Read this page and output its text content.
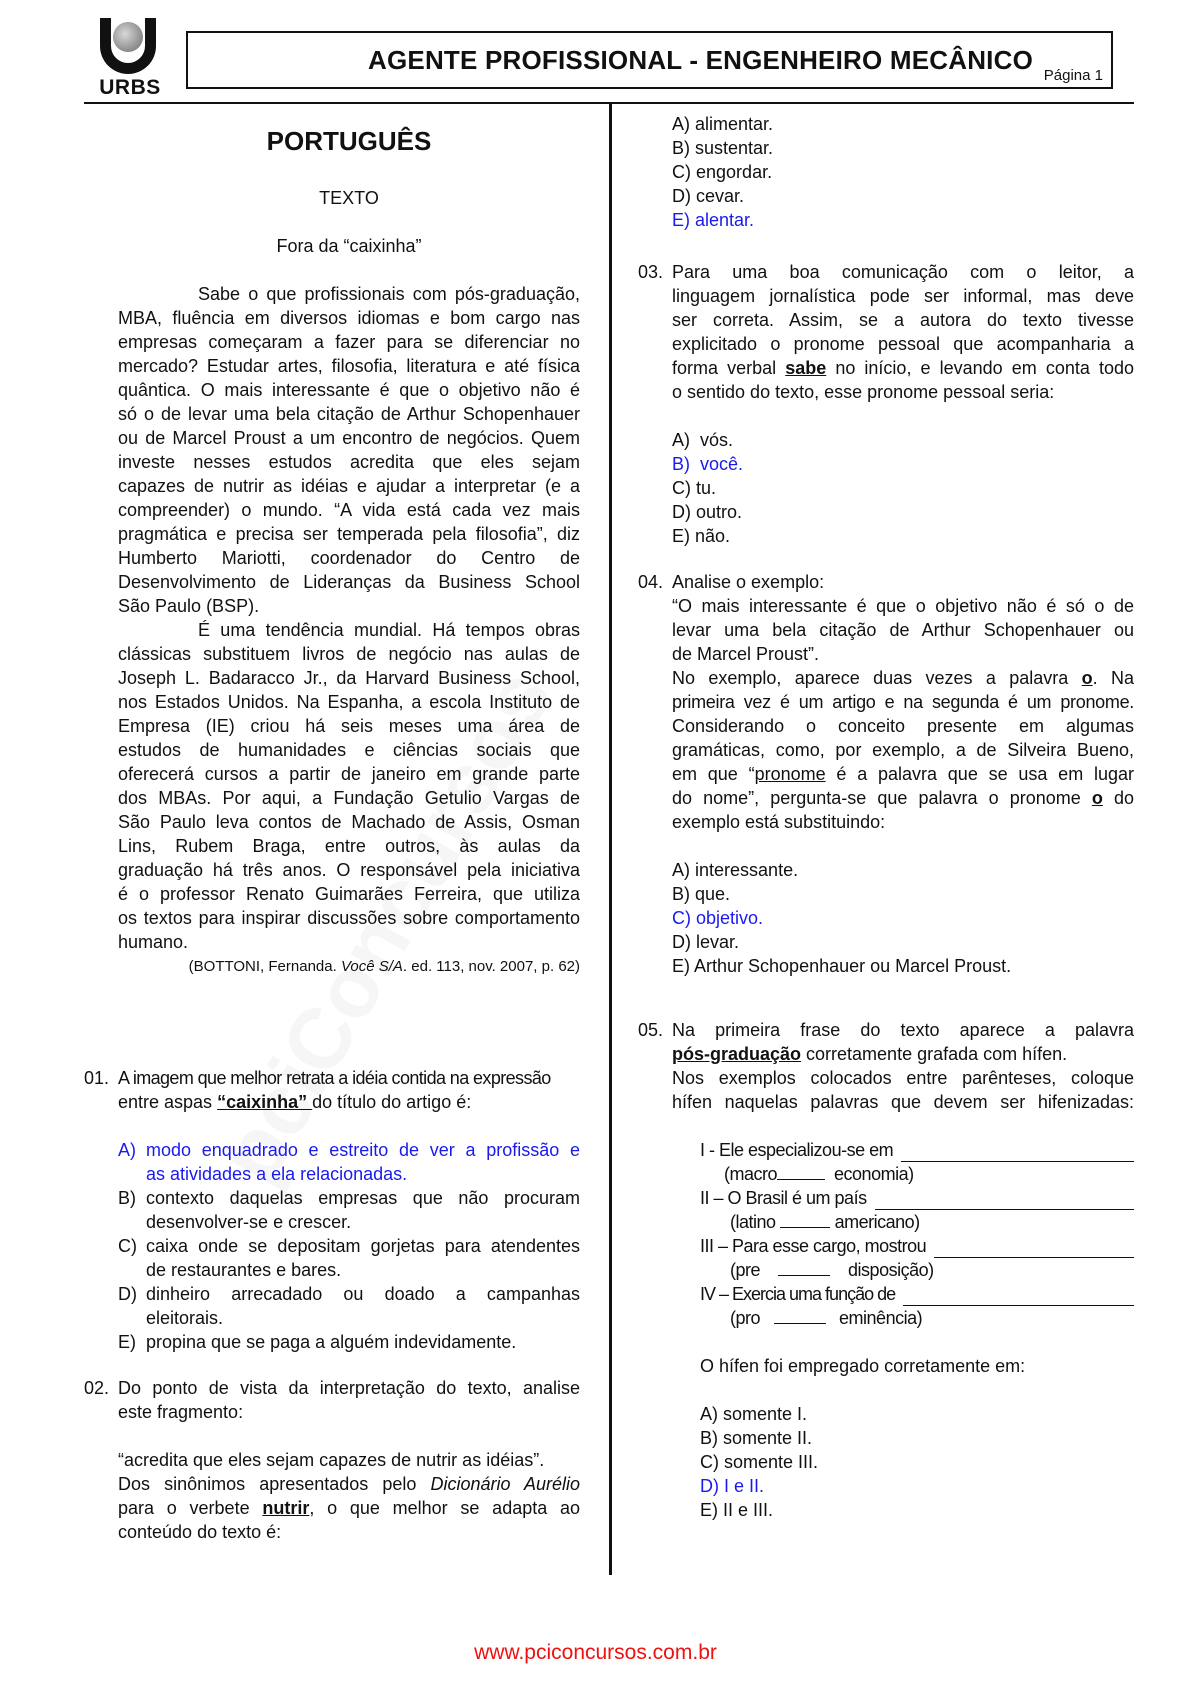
URBS
AGENTE PROFISSIONAL - ENGENHEIRO MECÂNICO
Página 1
PORTUGUÊS
TEXTO
Fora da “caixinha”
Sabe o que profissionais com pós-graduação,
MBA, fluência em diversos idiomas e bom cargo nas
empresas começaram a fazer para se diferenciar no
mercado? Estudar artes, filosofia, literatura e até física
quântica. O mais interessante é que o objetivo não é
só o de levar uma bela citação de Arthur Schopenhauer
ou de Marcel Proust a um encontro de negócios. Quem
investe nesses estudos acredita que eles sejam
capazes de nutrir as idéias e ajudar a interpretar (e a
compreender) o mundo. “A vida está cada vez mais
pragmática e precisa ser temperada pela filosofia”, diz
Humberto Mariotti, coordenador do Centro de
Desenvolvimento de Lideranças da Business School
São Paulo (BSP).
É uma tendência mundial. Há tempos obras
clássicas substituem livros de negócio nas aulas de
Joseph L. Badaracco Jr., da Harvard Business School,
nos Estados Unidos. Na Espanha, a escola Instituto de
Empresa (IE) criou há seis meses uma área de
estudos de humanidades e ciências sociais que
oferecerá cursos a partir de janeiro em grande parte
dos MBAs. Por aqui, a Fundação Getulio Vargas de
São Paulo leva contos de Machado de Assis, Osman
Lins, Rubem Braga, entre outros, às aulas da
graduação há três anos. O responsável pela iniciativa
é o professor Renato Guimarães Ferreira, que utiliza
os textos para inspirar discussões sobre comportamento
humano.
(BOTTONI, Fernanda. Você S/A. ed. 113, nov. 2007, p. 62)
01. A imagem que melhor retrata a idéia contida na expressão
entre aspas “caixinha” do título do artigo é:
A) modo enquadrado e estreito de ver a profissão e
as atividades a ela relacionadas.
B) contexto daquelas empresas que não procuram
desenvolver-se e crescer.
C) caixa onde se depositam gorjetas para atendentes
de restaurantes e bares.
D) dinheiro arrecadado ou doado a campanhas
eleitorais.
E) propina que se paga a alguém indevidamente.
02. Do ponto de vista da interpretação do texto, analise
este fragmento:
“acredita que eles sejam capazes de nutrir as idéias”.
Dos sinônimos apresentados pelo Dicionário Aurélio
para o verbete nutrir, o que melhor se adapta ao
conteúdo do texto é:
A) alimentar.
B) sustentar.
C) engordar.
D) cevar.
E) alentar.
03. Para uma boa comunicação com o leitor, a
linguagem jornalística pode ser informal, mas deve
ser correta. Assim, se a autora do texto tivesse
explicitado o pronome pessoal que acompanharia a
forma verbal sabe no início, e levando em conta todo
o sentido do texto, esse pronome pessoal seria:
A) vós.
B) você.
C) tu.
D) outro.
E) não.
04. Analise o exemplo:
“O mais interessante é que o objetivo não é só o de
levar uma bela citação de Arthur Schopenhauer ou
de Marcel Proust”.
No exemplo, aparece duas vezes a palavra o. Na
primeira vez é um artigo e na segunda é um pronome.
Considerando o conceito presente em algumas
gramáticas, como, por exemplo, a de Silveira Bueno,
em que “pronome é a palavra que se usa em lugar
do nome”, pergunta-se que palavra o pronome o do
exemplo está substituindo:
A) interessante.
B) que.
C) objetivo.
D) levar.
E) Arthur Schopenhauer ou Marcel Proust.
05. Na primeira frase do texto aparece a palavra
pós-graduação corretamente grafada com hífen.
Nos exemplos colocados entre parênteses, coloque
hífen naquelas palavras que devem ser hifenizadas:
I - Ele especializou-se em
(macro	economia)
II – O Brasil é um país
(latino	americano)
III – Para esse cargo, mostrou
(pre	disposição)
IV – Exercia uma função de
(pro	eminência)
O hífen foi empregado corretamente em:
A) somente I.
B) somente II.
C) somente III.
D) I e II.
E) II e III.
www.pciconcursos.com.br
